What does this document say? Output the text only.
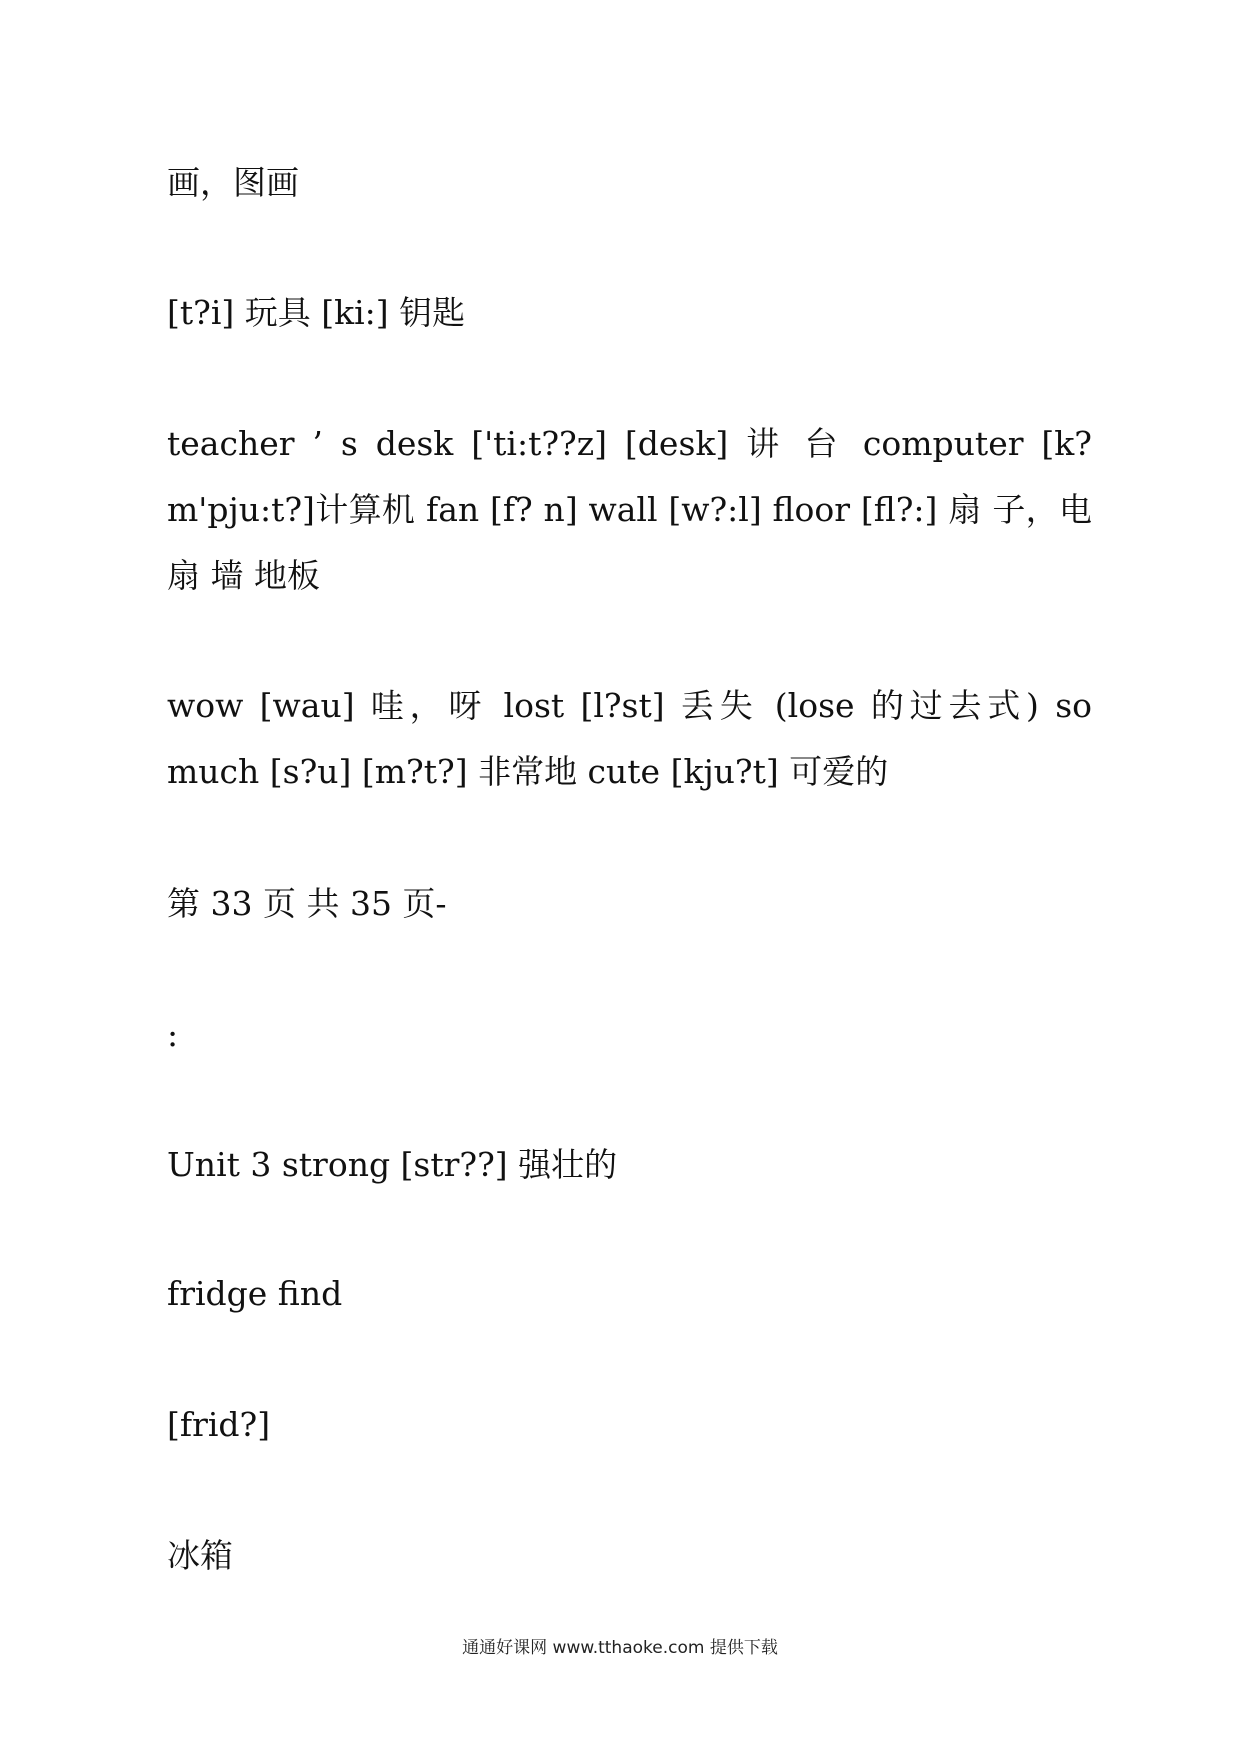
画，图画

[t?i] 玩具 [ki:] 钥匙

teacher ’ s desk ['ti:t??z] [desk] 讲 台 computer [k?m'pju:t?]计算机 fan [f? n] wall [w?:l] floor [fl?:] 扇 子，电扇 墙 地板

wow [wau] 哇，呀 lost [l?st] 丢失 (lose 的过去式) so much [s?u] [m?t?] 非常地 cute [kju?t] 可爱的

第 33 页 共 35 页-

:

Unit 3 strong [str??] 强壮的

fridge find

[frid?]

冰箱

通通好课网 www.tthaoke.com 提供下载
